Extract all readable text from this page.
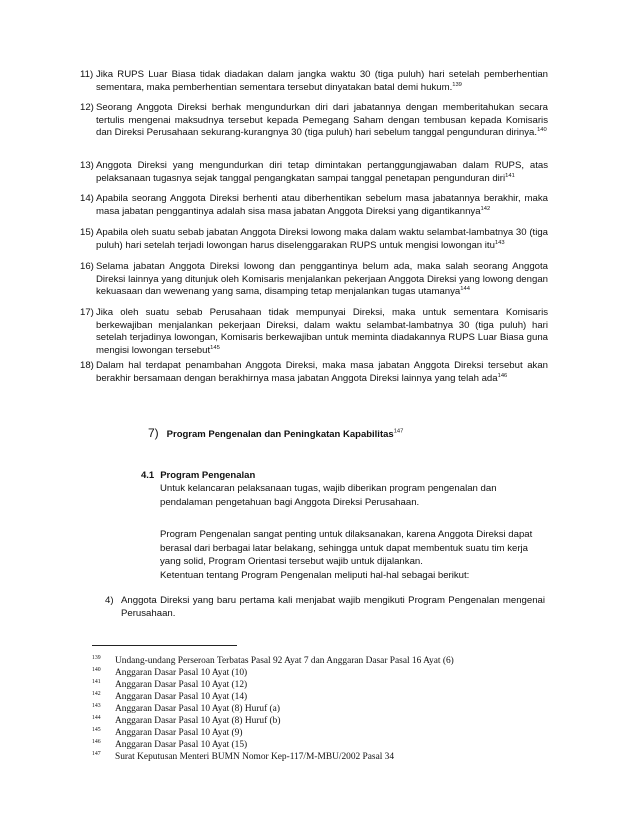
11) Jika RUPS Luar Biasa tidak diadakan dalam jangka waktu 30 (tiga puluh) hari setelah pemberhentian sementara, maka pemberhentian sementara tersebut dinyatakan batal demi hukum.$^{139}$
12) Seorang Anggota Direksi berhak mengundurkan diri dari jabatannya dengan memberitahukan secara tertulis mengenai maksudnya tersebut kepada Pemegang Saham dengan tembusan kepada Komisaris dan Direksi Perusahaan sekurang-kurangnya 30 (tiga puluh) hari sebelum tanggal pengunduran dirinya.$^{140}$
13) Anggota Direksi yang mengundurkan diri tetap dimintakan pertanggungjawaban dalam RUPS, atas pelaksanaan tugasnya sejak tanggal pengangkatan sampai tanggal penetapan pengunduran diri$^{141}$
14) Apabila seorang Anggota Direksi berhenti atau diberhentikan sebelum masa jabatannya berakhir, maka masa jabatan penggantinya adalah sisa masa jabatan Anggota Direksi yang digantikannya$^{142}$
15) Apabila oleh suatu sebab jabatan Anggota Direksi lowong maka dalam waktu selambat-lambatnya 30 (tiga puluh) hari setelah terjadi lowongan harus diselenggarakan RUPS untuk mengisi lowongan itu$^{143}$
16) Selama jabatan Anggota Direksi lowong dan penggantinya belum ada, maka salah seorang Anggota Direksi lainnya yang ditunjuk oleh Komisaris menjalankan pekerjaan Anggota Direksi yang lowong dengan kekuasaan dan wewenang yang sama, disamping tetap menjalankan tugas utamanya$^{144}$
17) Jika oleh suatu sebab Perusahaan tidak mempunyai Direksi, maka untuk sementara Komisaris berkewajiban menjalankan pekerjaan Direksi, dalam waktu selambat-lambatnya 30 (tiga puluh) hari setelah terjadinya lowongan, Komisaris berkewajiban untuk meminta diadakannya RUPS Luar Biasa guna mengisi lowongan tersebut$^{145}$
18) Dalam hal terdapat penambahan Anggota Direksi, maka masa jabatan Anggota Direksi tersebut akan berakhir bersamaan dengan berakhirnya masa jabatan Anggota Direksi lainnya yang telah ada$^{146}$
7) Program Pengenalan dan Peningkatan Kapabilitas$^{147}$
4.1 Program Pengenalan
Untuk kelancaran pelaksanaan tugas, wajib diberikan program pengenalan dan pendalaman pengetahuan bagi Anggota Direksi Perusahaan.
Program Pengenalan sangat penting untuk dilaksanakan, karena Anggota Direksi dapat berasal dari berbagai latar belakang, sehingga untuk dapat membentuk suatu tim kerja yang solid, Program Orientasi tersebut wajib untuk dijalankan.
Ketentuan tentang Program Pengenalan meliputi hal-hal sebagai berikut:
4) Anggota Direksi yang baru pertama kali menjabat wajib mengikuti Program Pengenalan mengenai Perusahaan.
139 Undang-undang Perseroan Terbatas Pasal 92 Ayat 7 dan Anggaran Dasar Pasal 16 Ayat (6)
140 Anggaran Dasar Pasal 10 Ayat (10)
141 Anggaran Dasar Pasal 10 Ayat (12)
142 Anggaran Dasar Pasal 10 Ayat (14)
143 Anggaran Dasar Pasal 10 Ayat (8) Huruf (a)
144 Anggaran Dasar Pasal 10 Ayat (8) Huruf (b)
145 Anggaran Dasar Pasal 10 Ayat (9)
146 Anggaran Dasar Pasal 10 Ayat (15)
147 Surat Keputusan Menteri BUMN Nomor Kep-117/M-MBU/2002 Pasal 34
